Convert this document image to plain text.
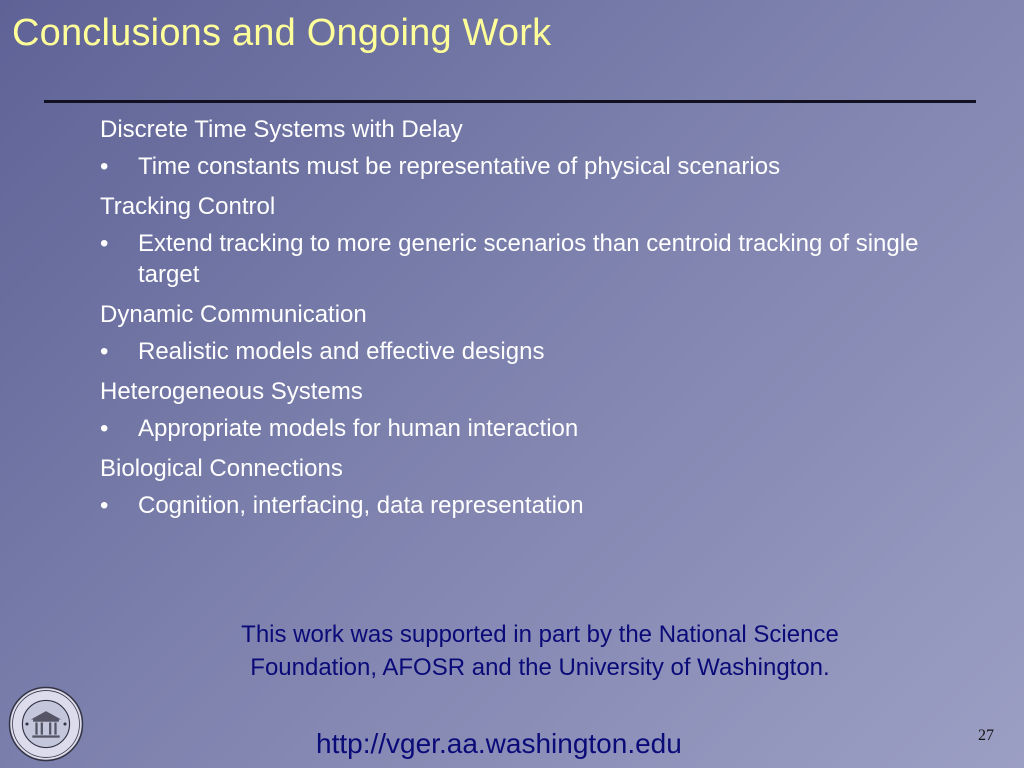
Conclusions and Ongoing Work
Discrete Time Systems with Delay
• Time constants must be representative of physical scenarios
Tracking Control
• Extend tracking to more generic scenarios than centroid tracking of single target
Dynamic Communication
• Realistic models and effective designs
Heterogeneous Systems
• Appropriate models for human interaction
Biological Connections
• Cognition, interfacing, data representation
This work was supported in part by the National Science
Foundation, AFOSR and the University of Washington.
http://vger.aa.washington.edu	27
